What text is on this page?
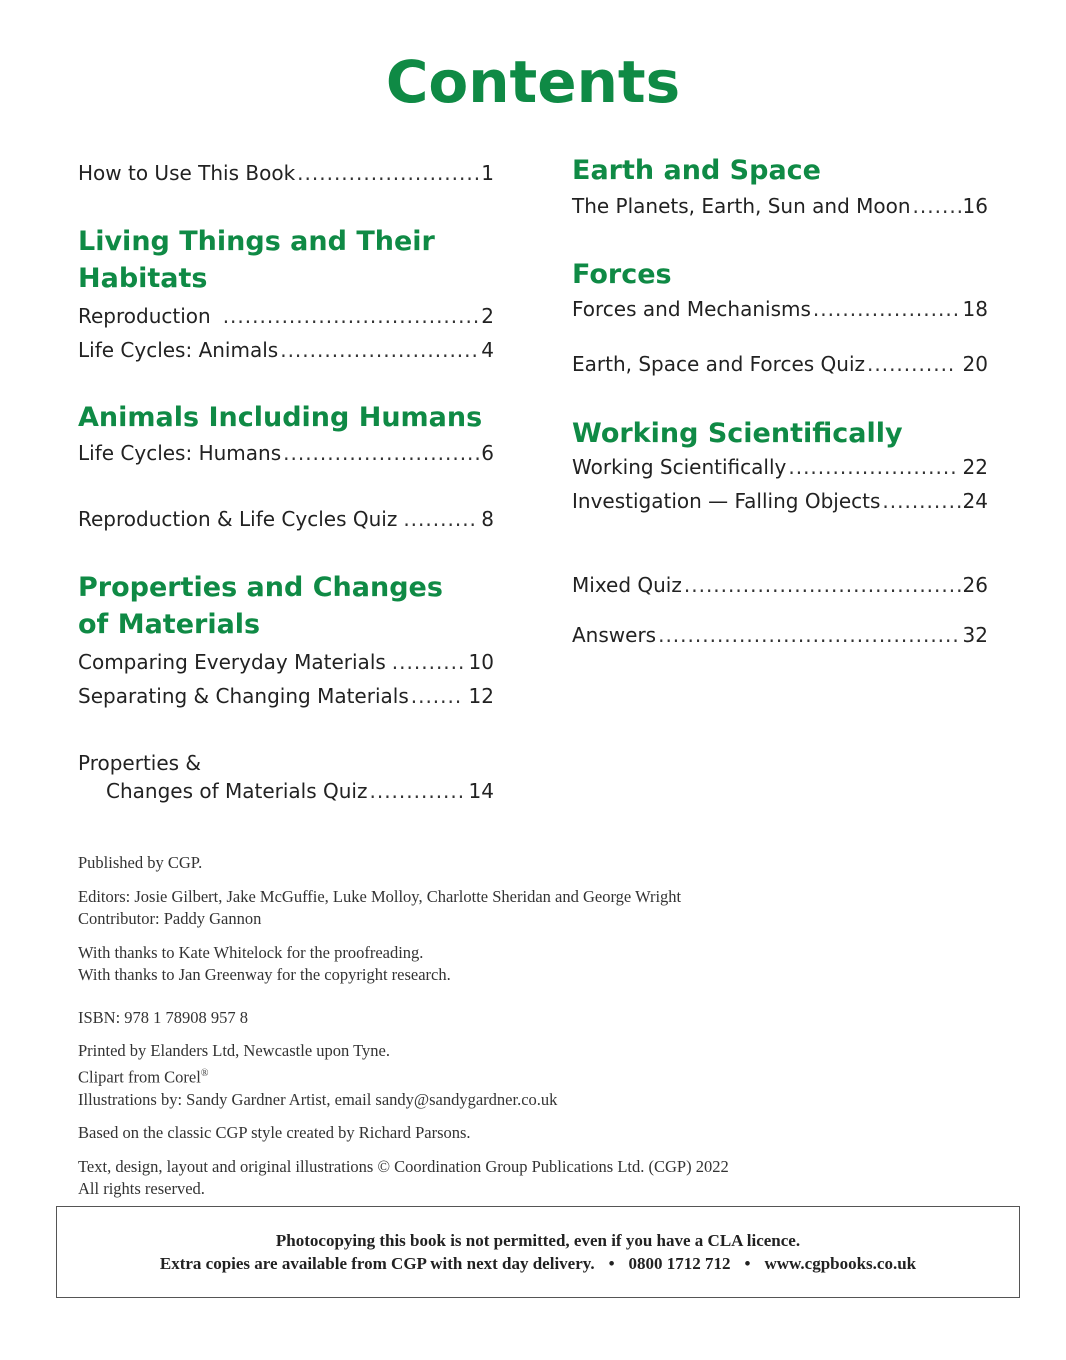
Contents
How to Use This Book .....	1
Living Things and Their
Habitats
Reproduction .....	2
Life Cycles: Animals .....	4
Animals Including Humans
Life Cycles: Humans .....	6
Reproduction & Life Cycles Quiz .....	8
Properties and Changes
of Materials
Comparing Everyday Materials .....	10
Separating & Changing Materials .....	12
Properties &
Changes of Materials Quiz .....	14
Earth and Space
The Planets, Earth, Sun and Moon .....	16
Forces
Forces and Mechanisms .....	18
Earth, Space and Forces Quiz .....	20
Working Scientifically
Working Scientifically .....	22
Investigation — Falling Objects .....	24
Mixed Quiz .....	26
Answers .....	32

Published by CGP.

Editors: Josie Gilbert, Jake McGuffie, Luke Molloy, Charlotte Sheridan and George Wright
Contributor: Paddy Gannon

With thanks to Kate Whitelock for the proofreading.
With thanks to Jan Greenway for the copyright research.

ISBN: 978 1 78908 957 8

Printed by Elanders Ltd, Newcastle upon Tyne.
Clipart from Corel®
Illustrations by: Sandy Gardner Artist, email sandy@sandygardner.co.uk

Based on the classic CGP style created by Richard Parsons.

Text, design, layout and original illustrations © Coordination Group Publications Ltd. (CGP) 2022
All rights reserved.

Photocopying this book is not permitted, even if you have a CLA licence.
Extra copies are available from CGP with next day delivery. • 0800 1712 712 • www.cgpbooks.co.uk
